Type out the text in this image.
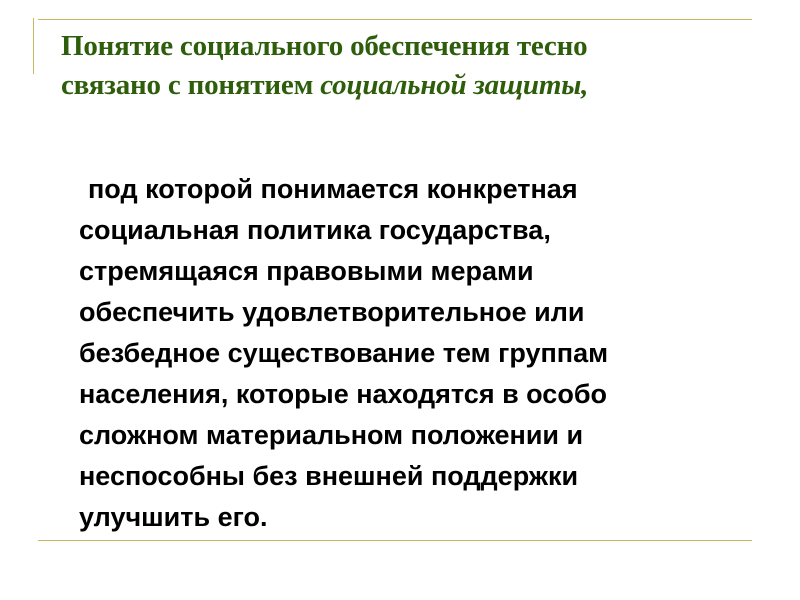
Понятие социального обеспечения тесно
связано с понятием социальной защиты,

под которой понимается конкретная
социальная политика государства,
стремящаяся правовыми мерами
обеспечить удовлетворительное или
безбедное существование тем группам
населения, которые находятся в особо
сложном материальном положении и
неспособны без внешней поддержки
улучшить его.
